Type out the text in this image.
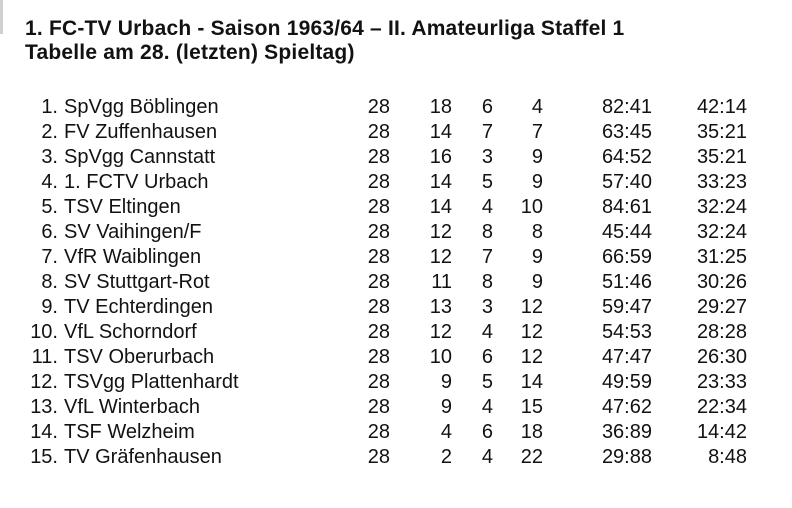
1. FC-TV Urbach - Saison 1963/64 – II. Amateurliga Staffel 1
Tabelle am 28. (letzten) Spieltag)
1. SpVgg Böblingen	28	18	6	4	82:41	42:14
2. FV Zuffenhausen	28	14	7	7	63:45	35:21
3. SpVgg Cannstatt	28	16	3	9	64:52	35:21
4. 1. FCTV Urbach	28	14	5	9	57:40	33:23
5. TSV Eltingen	28	14	4	10	84:61	32:24
6. SV Vaihingen/F	28	12	8	8	45:44	32:24
7. VfR Waiblingen	28	12	7	9	66:59	31:25
8. SV Stuttgart-Rot	28	11	8	9	51:46	30:26
9. TV Echterdingen	28	13	3	12	59:47	29:27
10. VfL Schorndorf	28	12	4	12	54:53	28:28
11. TSV Oberurbach	28	10	6	12	47:47	26:30
12. TSVgg Plattenhardt	28	9	5	14	49:59	23:33
13. VfL Winterbach	28	9	4	15	47:62	22:34
14. TSF Welzheim	28	4	6	18	36:89	14:42
15. TV Gräfenhausen	28	2	4	22	29:88	8:48
